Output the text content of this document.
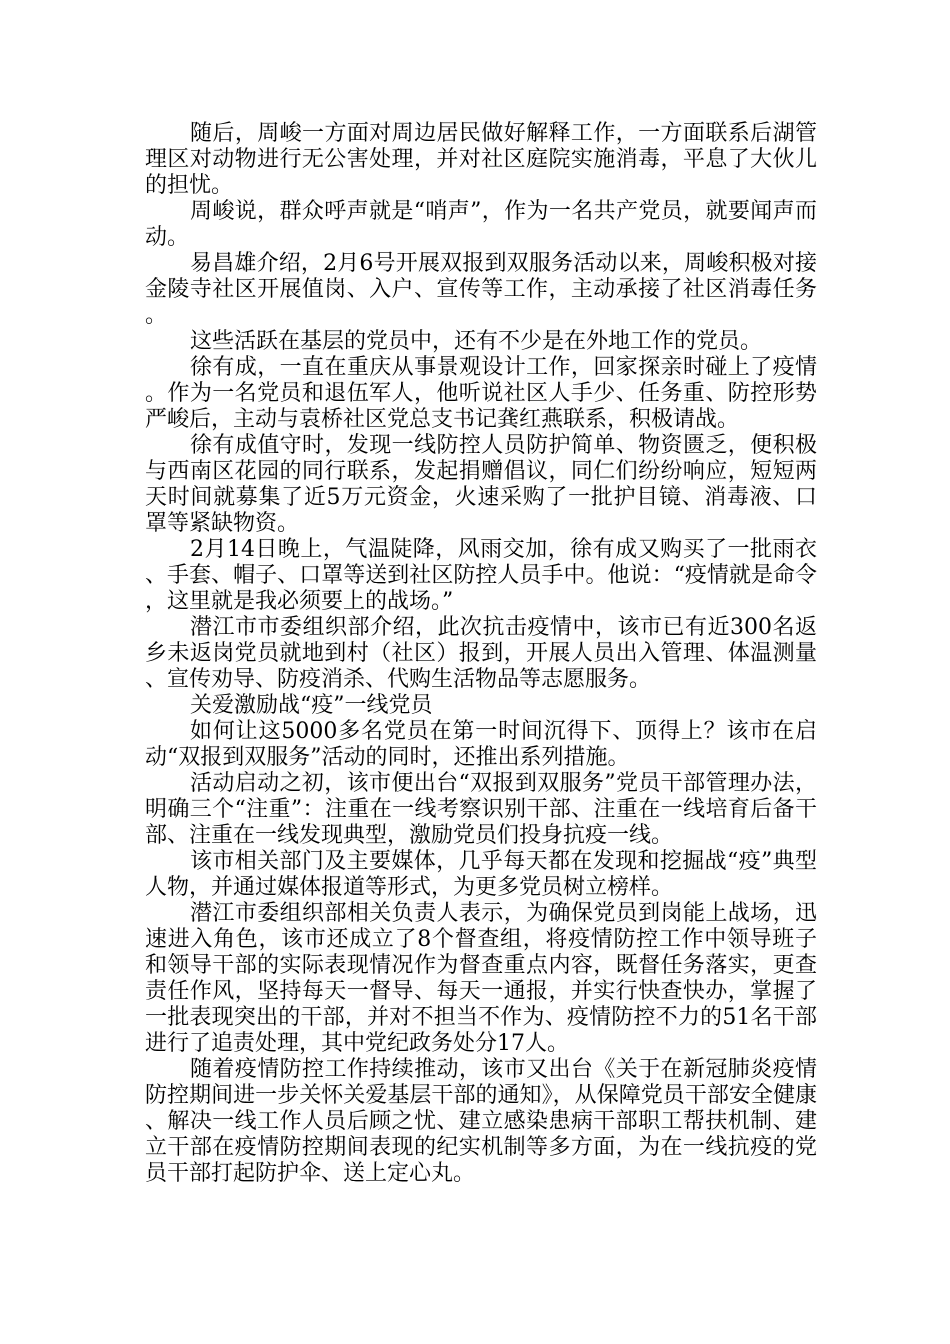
随后，周峻一方面对周边居民做好解释工作，一方面联系后湖管理区对动物进行无公害处理，并对社区庭院实施消毒，平息了大伙儿的担忧。

周峻说，群众呼声就是“哨声”，作为一名共产党员，就要闻声而动。

易昌雄介绍，2月6号开展双报到双服务活动以来，周峻积极对接金陵寺社区开展值岗、入户、宣传等工作，主动承接了社区消毒任务。

这些活跃在基层的党员中，还有不少是在外地工作的党员。

徐有成，一直在重庆从事景观设计工作，回家探亲时碰上了疫情。作为一名党员和退伍军人，他听说社区人手少、任务重、防控形势严峻后，主动与袁桥社区党总支书记龚红燕联系，积极请战。

徐有成值守时，发现一线防控人员防护简单、物资匮乏，便积极与西南区花园的同行联系，发起捐赠倡议，同仁们纷纷响应，短短两天时间就募集了近5万元资金，火速采购了一批护目镜、消毒液、口罩等紧缺物资。

2月14日晚上，气温陡降，风雨交加，徐有成又购买了一批雨衣、手套、帽子、口罩等送到社区防控人员手中。他说：“疫情就是命令，这里就是我必须要上的战场。”

潜江市市委组织部介绍，此次抗击疫情中，该市已有近300名返乡未返岗党员就地到村（社区）报到，开展人员出入管理、体温测量、宣传劝导、防疫消杀、代购生活物品等志愿服务。

关爱激励战“疫”一线党员

如何让这5000多名党员在第一时间沉得下、顶得上？该市在启动“双报到双服务”活动的同时，还推出系列措施。

活动启动之初，该市便出台“双报到双服务”党员干部管理办法，明确三个“注重”：注重在一线考察识别干部、注重在一线培育后备干部、注重在一线发现典型，激励党员们投身抗疫一线。

该市相关部门及主要媒体，几乎每天都在发现和挖掘战“疫”典型人物，并通过媒体报道等形式，为更多党员树立榜样。

潜江市委组织部相关负责人表示，为确保党员到岗能上战场，迅速进入角色，该市还成立了8个督查组，将疫情防控工作中领导班子和领导干部的实际表现情况作为督查重点内容，既督任务落实，更查责任作风，坚持每天一督导、每天一通报，并实行快查快办，掌握了一批表现突出的干部，并对不担当不作为、疫情防控不力的51名干部进行了追责处理，其中党纪政务处分17人。

随着疫情防控工作持续推动，该市又出台《关于在新冠肺炎疫情防控期间进一步关怀关爱基层干部的通知》，从保障党员干部安全健康、解决一线工作人员后顾之忧、建立感染患病干部职工帮扶机制、建立干部在疫情防控期间表现的纪实机制等多方面，为在一线抗疫的党员干部打起防护伞、送上定心丸。
